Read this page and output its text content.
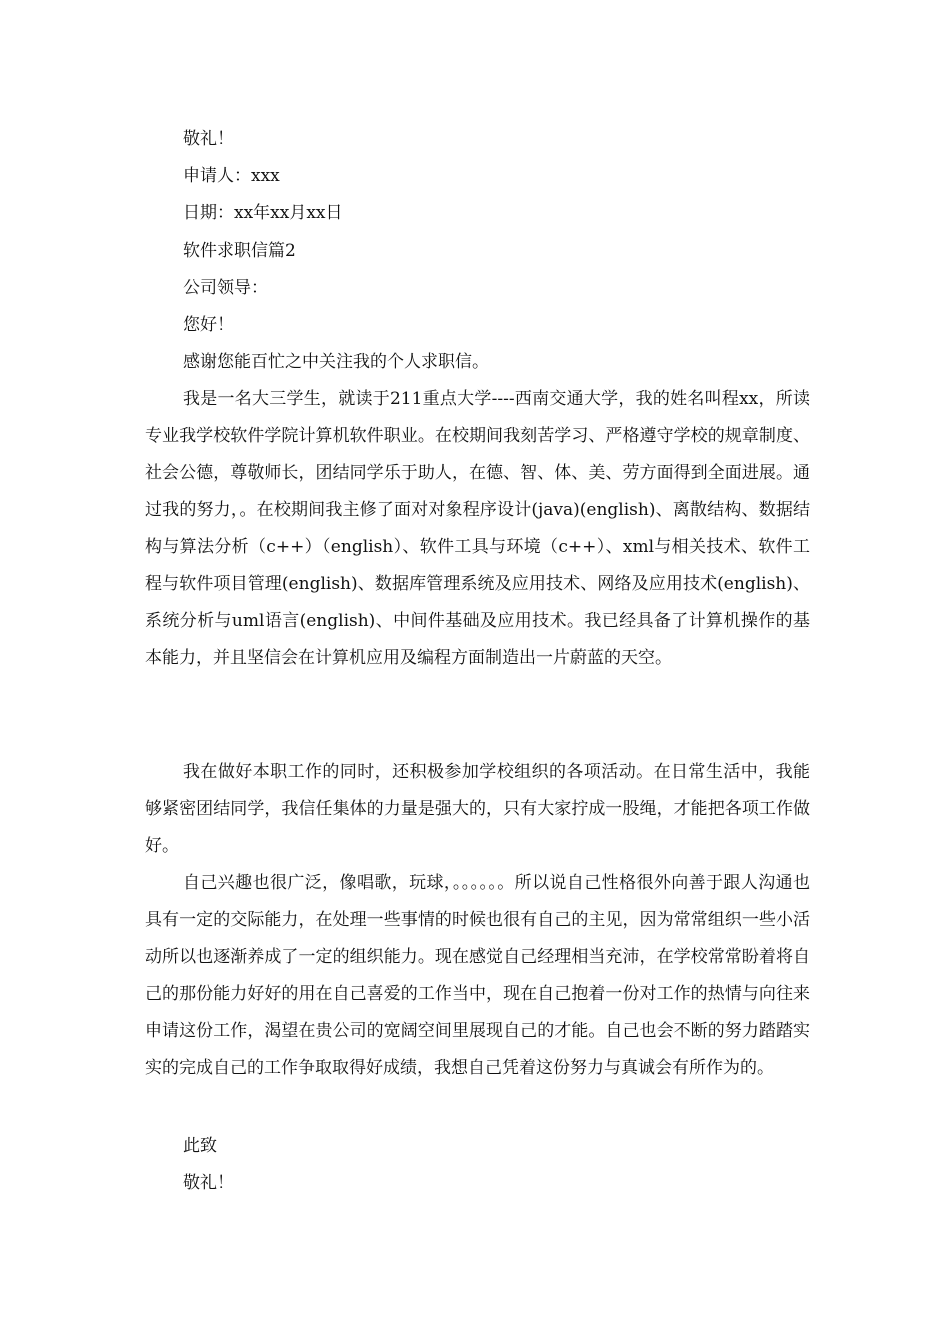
敬礼！
申请人：xxx
日期：xx年xx月xx日
软件求职信篇2
公司领导：
您好！
感谢您能百忙之中关注我的个人求职信。
我是一名大三学生，就读于211重点大学----西南交通大学，我的姓名叫程xx，所读专业我学校软件学院计算机软件职业。在校期间我刻苦学习、严格遵守学校的规章制度、社会公德，尊敬师长，团结同学乐于助人，在德、智、体、美、劳方面得到全面进展。通过我的努力，。在校期间我主修了面对对象程序设计(java)(english)、离散结构、数据结构与算法分析（c++）（english）、软件工具与环境（c++）、xml与相关技术、软件工程与软件项目管理(english)、数据库管理系统及应用技术、网络及应用技术(english)、系统分析与uml语言(english)、中间件基础及应用技术。我已经具备了计算机操作的基本能力，并且坚信会在计算机应用及编程方面制造出一片蔚蓝的天空。
我在做好本职工作的同时，还积极参加学校组织的各项活动。在日常生活中，我能够紧密团结同学，我信任集体的力量是强大的，只有大家拧成一股绳，才能把各项工作做好。
自己兴趣也很广泛，像唱歌，玩球，。。。。。。所以说自己性格很外向善于跟人沟通也具有一定的交际能力，在处理一些事情的时候也很有自己的主见，因为常常组织一些小活动所以也逐渐养成了一定的组织能力。现在感觉自己经理相当充沛，在学校常常盼着将自己的那份能力好好的用在自己喜爱的工作当中，现在自己抱着一份对工作的热情与向往来申请这份工作，渴望在贵公司的宽阔空间里展现自己的才能。自己也会不断的努力踏踏实实的完成自己的工作争取取得好成绩，我想自己凭着这份努力与真诚会有所作为的。
此致
敬礼！
